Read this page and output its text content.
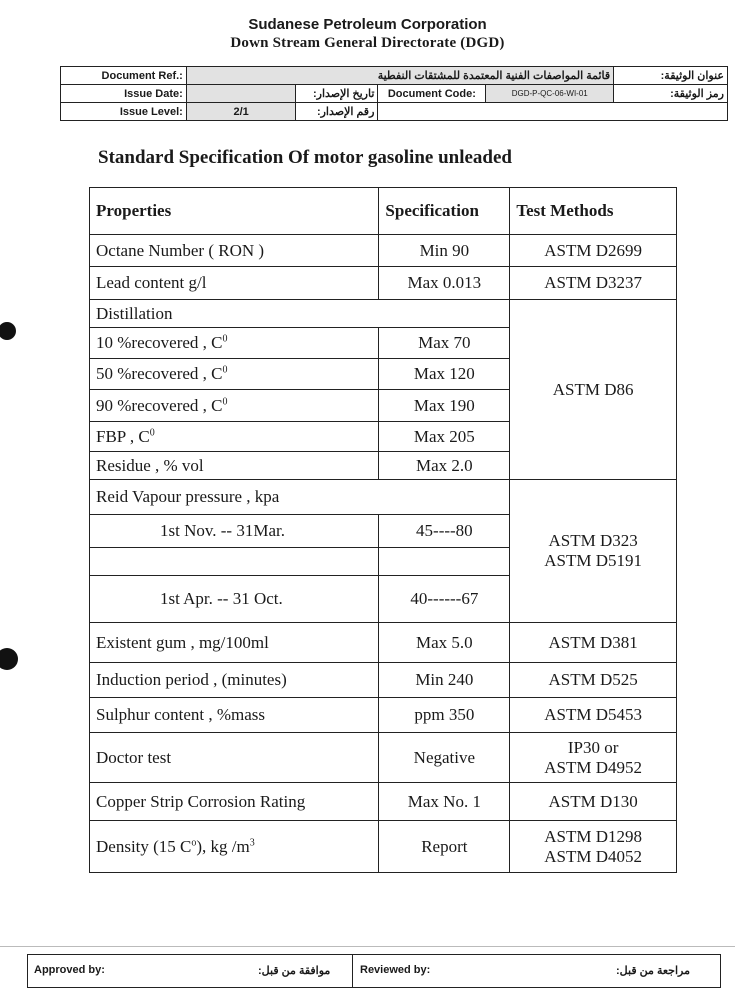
Sudanese Petroleum Corporation
Down Stream General Directorate (DGD)
Document Ref.:	قائمة المواصفات الفنية المعتمدة للمشتقات النفطية				عنوان الوثيقة:
Issue Date:		تاريخ الإصدار:	Document Code:	DGD-P-QC-06-WI-01	رمز الوثيقة:
Issue Level:	2/1	رقم الإصدار:			
Standard Specification Of motor gasoline unleaded
Properties	Specification	Test Methods
Octane Number ( RON )	Min 90	ASTM D2699
Lead content g/l	Max 0.013	ASTM D3237
Distillation		ASTM D86
10 %recovered , $C^0$	Max 70	
50 %recovered , $C^0$	Max 120	
90 %recovered , $C^0$	Max 190	
FBP , $C^0$	Max 205	
Residue , % vol	Max 2.0	
Reid Vapour pressure , kpa		ASTM D323
ASTM D5191

1st Nov. -- 31Mar.	45----80	

1st Apr. -- 31 Oct.	40------67	
Existent gum , mg/100ml	Max 5.0	ASTM D381
Induction period , (minutes)	Min 240	ASTM D525
Sulphur content , %mass	ppm 350	ASTM D5453
Doctor test	Negative	IP30 or
ASTM D4952

Copper Strip Corrosion Rating	Max No. 1	ASTM D130
Density (15 $C^o$), kg $/m^3$	Report	ASTM D1298
ASTM D4052
Approved by:	موافقة من قبل:	Reviewed by:	مراجعة من قبل:
